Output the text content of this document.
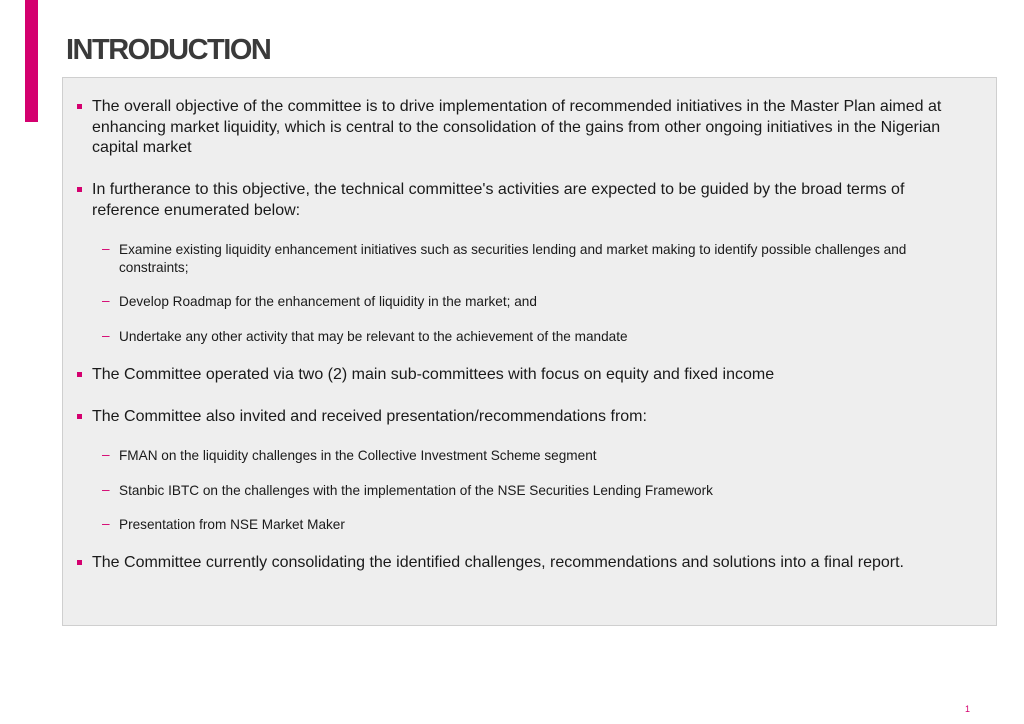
INTRODUCTION

The overall objective of the committee is to drive implementation of recommended initiatives in the Master Plan aimed at enhancing market liquidity, which is central to the consolidation of the gains from other ongoing initiatives in the Nigerian capital market

In furtherance to this objective, the technical committee's activities are expected to be guided by the broad terms of reference enumerated below:

– Examine existing liquidity enhancement initiatives such as securities lending and market making to identify possible challenges and constraints;

– Develop Roadmap for the enhancement of liquidity in the market; and

– Undertake any other activity that may be relevant to the achievement of the mandate

The Committee operated via two (2) main sub-committees with focus on equity and fixed income

The Committee also invited and received presentation/recommendations from:

– FMAN on the liquidity challenges in the Collective Investment Scheme segment

– Stanbic IBTC on the challenges with the implementation of the NSE Securities Lending Framework

– Presentation from NSE Market Maker

The Committee currently consolidating the identified challenges, recommendations and solutions into a final report.

1
